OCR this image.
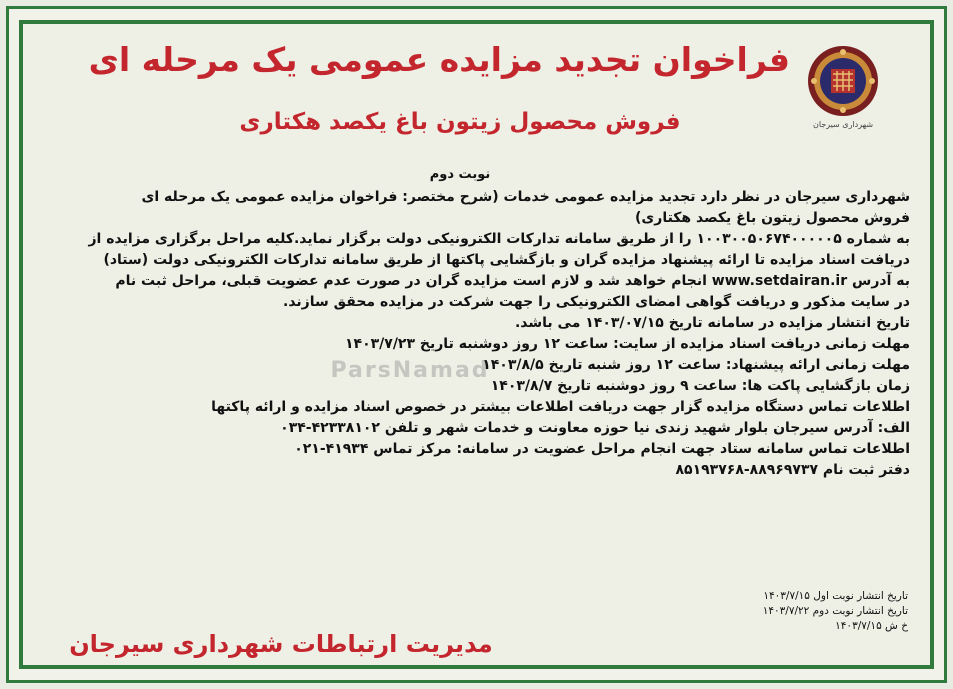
شهرداری سیرجان
فراخوان تجدید مزایده عمومی یک مرحله ای
فروش محصول زیتون باغ یکصد هکتاری
ParsNamad
نوبت دوم

شهرداری سیرجان در نظر دارد تجدید مزایده عمومی خدمات (شرح مختصر: فراخوان مزایده عمومی یک مرحله ای

فروش محصول زیتون باغ یکصد هکتاری)

به شماره ۱۰۰۳۰۰۵۰۶۷۴۰۰۰۰۰۵ را از طریق سامانه تدارکات الکترونیکی دولت برگزار نماید.کلیه مراحل برگزاری مزایده از

دریافت اسناد مزایده تا ارائه پیشنهاد مزایده گران و بازگشایی پاکتها از طریق سامانه تدارکات الکترونیکی دولت (ستاد)

به آدرس www.setdairan.ir انجام خواهد شد و لازم است مزایده گران در صورت عدم عضویت قبلی، مراحل ثبت نام

در سایت مذکور و دریافت گواهی امضای الکترونیکی را جهت شرکت در مزایده محقق سازند.

تاریخ انتشار مزایده در سامانه تاریخ ۱۴۰۳/۰۷/۱۵ می باشد.

مهلت زمانی دریافت اسناد مزایده از سایت: ساعت ۱۲ روز دوشنبه تاریخ ۱۴۰۳/۷/۲۳

مهلت زمانی ارائه پیشنهاد: ساعت ۱۲ روز شنبه تاریخ ۱۴۰۳/۸/۵

زمان بازگشایی پاکت ها: ساعت ۹ روز دوشنبه تاریخ ۱۴۰۳/۸/۷

اطلاعات تماس دستگاه مزایده گزار جهت دریافت اطلاعات بیشتر در خصوص اسناد مزایده و ارائه پاکتها

الف: آدرس سیرجان بلوار شهید زندی نیا حوزه معاونت و خدمات شهر و تلفن ۴۲۳۳۸۱۰۲-۰۳۴

اطلاعات تماس سامانه ستاد جهت انجام مراحل عضویت در سامانه: مرکز تماس ۴۱۹۳۴-۰۲۱

دفتر ثبت نام ۸۸۹۶۹۷۳۷-۸۵۱۹۳۷۶۸

تاریخ انتشار نوبت اول ۱۴۰۳/۷/۱۵

تاریخ انتشار نوبت دوم ۱۴۰۳/۷/۲۲

خ ش ۱۴۰۳/۷/۱۵

مدیریت ارتباطات شهرداری سیرجان
